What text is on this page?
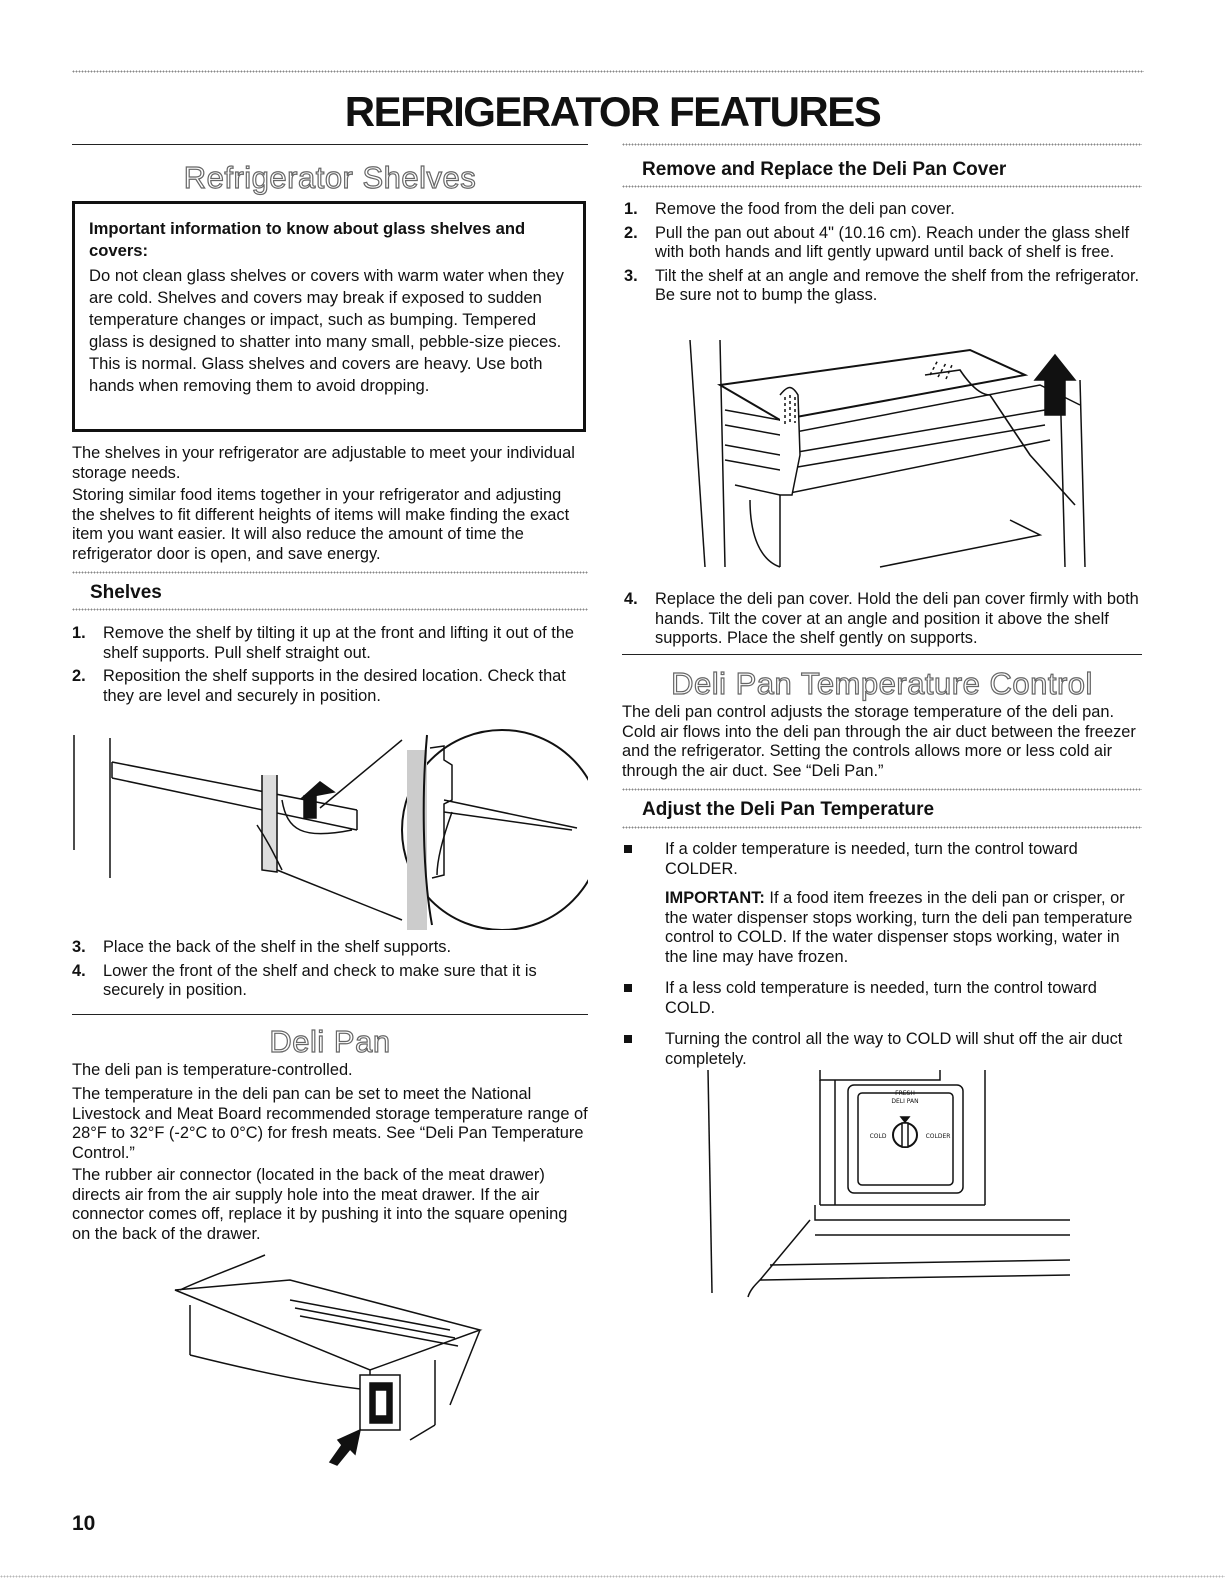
REFRIGERATOR FEATURES
Refrigerator Shelves
Important information to know about glass shelves and covers:

Do not clean glass shelves or covers with warm water when they are cold. Shelves and covers may break if exposed to sudden temperature changes or impact, such as bumping. Tempered glass is designed to shatter into many small, pebble-size pieces. This is normal. Glass shelves and covers are heavy. Use both hands when removing them to avoid dropping.

The shelves in your refrigerator are adjustable to meet your individual storage needs.

Storing similar food items together in your refrigerator and adjusting the shelves to fit different heights of items will make finding the exact item you want easier. It will also reduce the amount of time the refrigerator door is open, and save energy.

Shelves
1. Remove the shelf by tilting it up at the front and lifting it out of the shelf supports. Pull shelf straight out.
2. Reposition the shelf supports in the desired location. Check that they are level and securely in position.
3. Place the back of the shelf in the shelf supports.
4. Lower the front of the shelf and check to make sure that it is securely in position.
Deli Pan

The deli pan is temperature-controlled.

The temperature in the deli pan can be set to meet the National Livestock and Meat Board recommended storage temperature range of 28°F to 32°F (-2°C to 0°C) for fresh meats. See “Deli Pan Temperature Control.”

The rubber air connector (located in the back of the meat drawer) directs air from the air supply hole into the meat drawer. If the air connector comes off, replace it by pushing it into the square opening on the back of the drawer.

10
Remove and Replace the Deli Pan Cover
1. Remove the food from the deli pan cover.
2. Pull the pan out about 4" (10.16 cm). Reach under the glass shelf with both hands and lift gently upward until back of shelf is free.
3. Tilt the shelf at an angle and remove the shelf from the refrigerator. Be sure not to bump the glass.
4. Replace the deli pan cover. Hold the deli pan cover firmly with both hands. Tilt the cover at an angle and position it above the shelf supports. Place the shelf gently on supports.
Deli Pan Temperature Control

The deli pan control adjusts the storage temperature of the deli pan. Cold air flows into the deli pan through the air duct between the freezer and the refrigerator. Setting the controls allows more or less cold air through the air duct. See “Deli Pan.”

Adjust the Deli Pan Temperature
If a colder temperature is needed, turn the control toward COLDER.

IMPORTANT: If a food item freezes in the deli pan or crisper, or the water dispenser stops working, turn the deli pan temperature control to COLD. If the water dispenser stops working, water in the line may have frozen.

If a less cold temperature is needed, turn the control toward COLD.
Turning the control all the way to COLD will shut off the air duct completely.
FRESH
DELI PAN
COLD	COLDER
